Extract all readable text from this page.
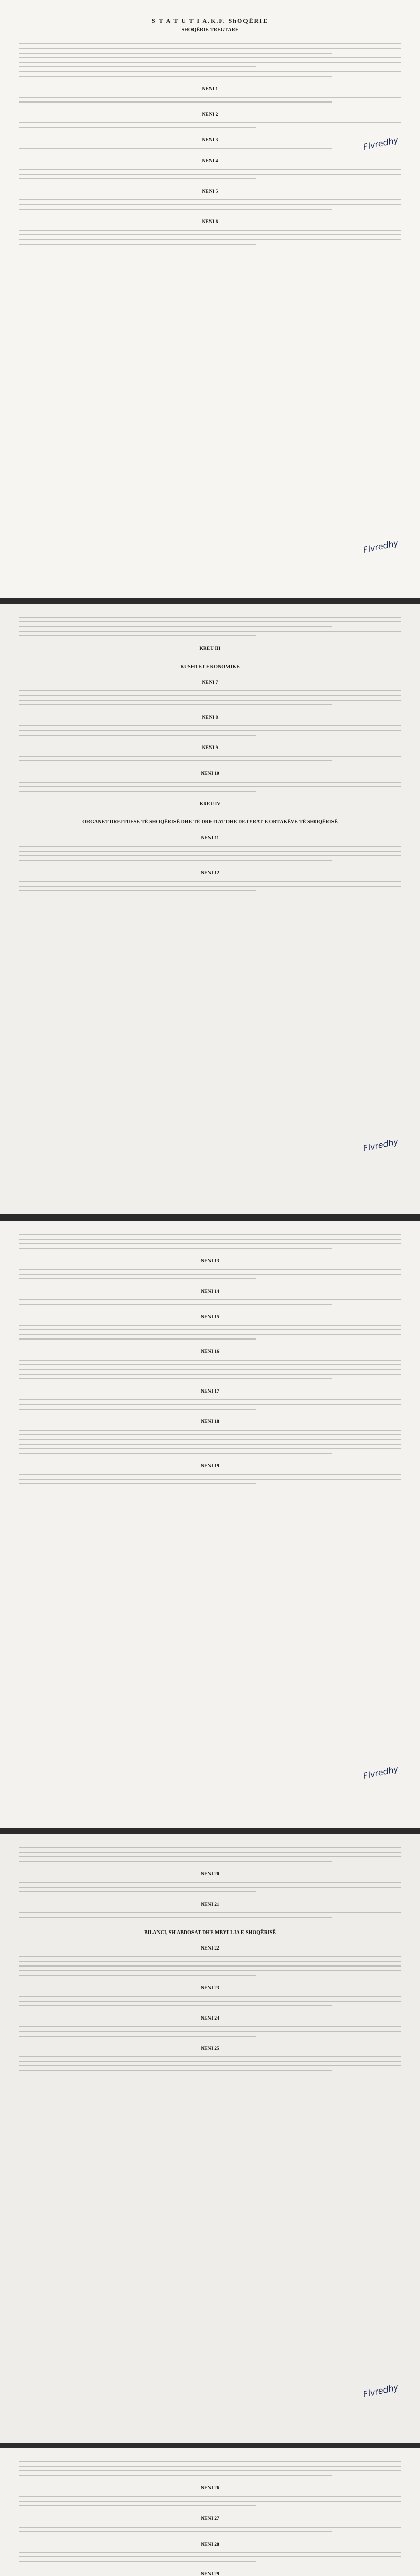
S T A T U T I A.K.F. ShOQËRIE
SHOQËRIE TREGTARE
NENI 1
NENI 2
NENI 3
NENI 4
NENI 5
NENI 6
Flvredhy
Flvredhy
KREU III
KUSHTET EKONOMIKE
NENI 7
NENI 8
NENI 9
NENI 10
KREU IV
ORGANET DREJTUESE TË SHOQËRISË DHE TË DREJTAT DHE DETYRAT E ORTAKËVE TË SHOQËRISË
NENI 11
NENI 12
Flvredhy
NENI 13
NENI 14
NENI 15
NENI 16
NENI 17
NENI 18
NENI 19
Flvredhy
NENI 20
NENI 21
BILANCI, SH ABDOSAT DHE MBYLLJA E SHOQËRISË
NENI 22
NENI 23
NENI 24
NENI 25
Flvredhy
NENI 26
NENI 27
NENI 28
NENI 29
